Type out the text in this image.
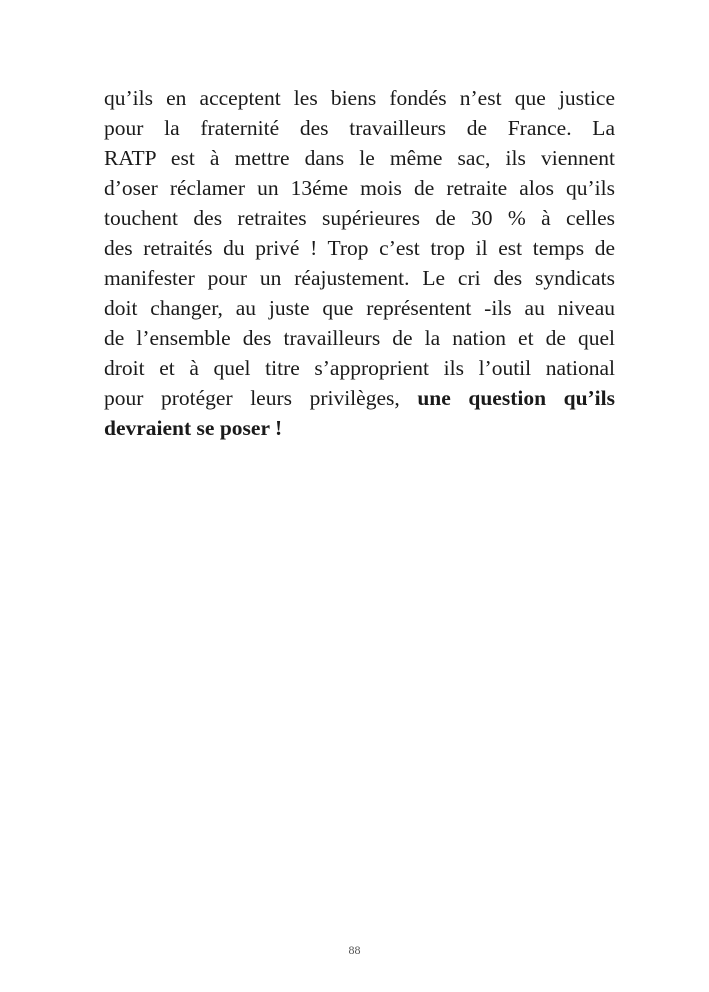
qu’ils en acceptent les biens fondés n’est que justice
pour la fraternité des travailleurs de France. La
RATP est à mettre dans le même sac, ils viennent
d’oser réclamer un 13éme mois de retraite alos qu’ils
touchent des retraites supérieures de 30 % à celles
des retraités du privé ! Trop c’est trop il est temps de
manifester pour un réajustement. Le cri des syndicats
doit changer, au juste que représentent -ils au niveau
de l’ensemble des travailleurs de la nation et de quel
droit et à quel titre s’approprient ils l’outil national
pour protéger leurs privilèges, une question qu’ils
devraient se poser !
88
